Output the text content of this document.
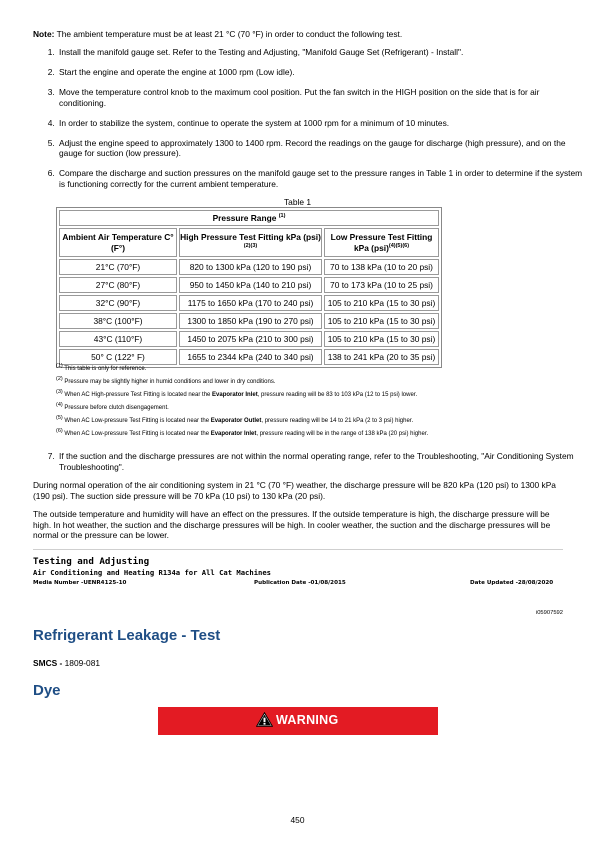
Note: The ambient temperature must be at least 21 °C (70 °F) in order to conduct the following test.
1. Install the manifold gauge set. Refer to the Testing and Adjusting, "Manifold Gauge Set (Refrigerant) - Install".
2. Start the engine and operate the engine at 1000 rpm (Low idle).
3. Move the temperature control knob to the maximum cool position. Put the fan switch in the HIGH position on the side that is for air conditioning.
4. In order to stabilize the system, continue to operate the system at 1000 rpm for a minimum of 10 minutes.
5. Adjust the engine speed to approximately 1300 to 1400 rpm. Record the readings on the gauge for discharge (high pressure), and on the gauge for suction (low pressure).
6. Compare the discharge and suction pressures on the manifold gauge set to the pressure ranges in Table 1 in order to determine if the system is functioning correctly for the current ambient temperature.
Table 1
Pressure Range $^{(1)}$
Ambient Air Temperature C° (F°)	High Pressure Test Fitting kPa (psi)$^{(2)(3)}$	Low Pressure Test Fitting kPa (psi)$^{(4)(5)(6)}$
21°C (70°F)	820 to 1300 kPa (120 to 190 psi)	70 to 138 kPa (10 to 20 psi)
27°C (80°F)	950 to 1450 kPa (140 to 210 psi)	70 to 173 kPa (10 to 25 psi)
32°C (90°F)	1175 to 1650 kPa (170 to 240 psi)	105 to 210 kPa (15 to 30 psi)
38°C (100°F)	1300 to 1850 kPa (190 to 270 psi)	105 to 210 kPa (15 to 30 psi)
43°C (110°F)	1450 to 2075 kPa (210 to 300 psi)	105 to 210 kPa (15 to 30 psi)
50° C (122° F)	1655 to 2344 kPa (240 to 340 psi)	138 to 241 kPa (20 to 35 psi)
$^{(1)}$ This table is only for reference.
$^{(2)}$ Pressure may be slightly higher in humid conditions and lower in dry conditions.
$^{(3)}$ When AC High-pressure Test Fitting is located near the Evaporator Inlet, pressure reading will be 83 to 103 kPa (12 to 15 psi) lower.
$^{(4)}$ Pressure before clutch disengagement.
$^{(5)}$ When AC Low-pressure Test Fitting is located near the Evaporator Outlet, pressure reading will be 14 to 21 kPa (2 to 3 psi) higher.
$^{(6)}$ When AC Low-pressure Test Fitting is located near the Evaporator Inlet, pressure reading will be in the range of 138 kPa (20 psi) higher.
7. If the suction and the discharge pressures are not within the normal operating range, refer to the Troubleshooting, "Air Conditioning System Troubleshooting".
During normal operation of the air conditioning system in 21 °C (70 °F) weather, the discharge pressure will be 820 kPa (120 psi) to 1300 kPa (190 psi). The suction side pressure will be 70 kPa (10 psi) to 130 kPa (20 psi).
The outside temperature and humidity will have an effect on the pressures. If the outside temperature is high, the discharge pressure will be high. In hot weather, the suction and the discharge pressures will be high. In cooler weather, the suction and the discharge pressures will be normal or the pressure can be lower.
Testing and Adjusting
Air Conditioning and Heating R134a for All Cat Machines
Media Number -UENR4125-10	Publication Date -01/08/2015	Date Updated -28/08/2020
i05907592
Refrigerant Leakage - Test
SMCS - 1809-081
Dye
WARNING
450
